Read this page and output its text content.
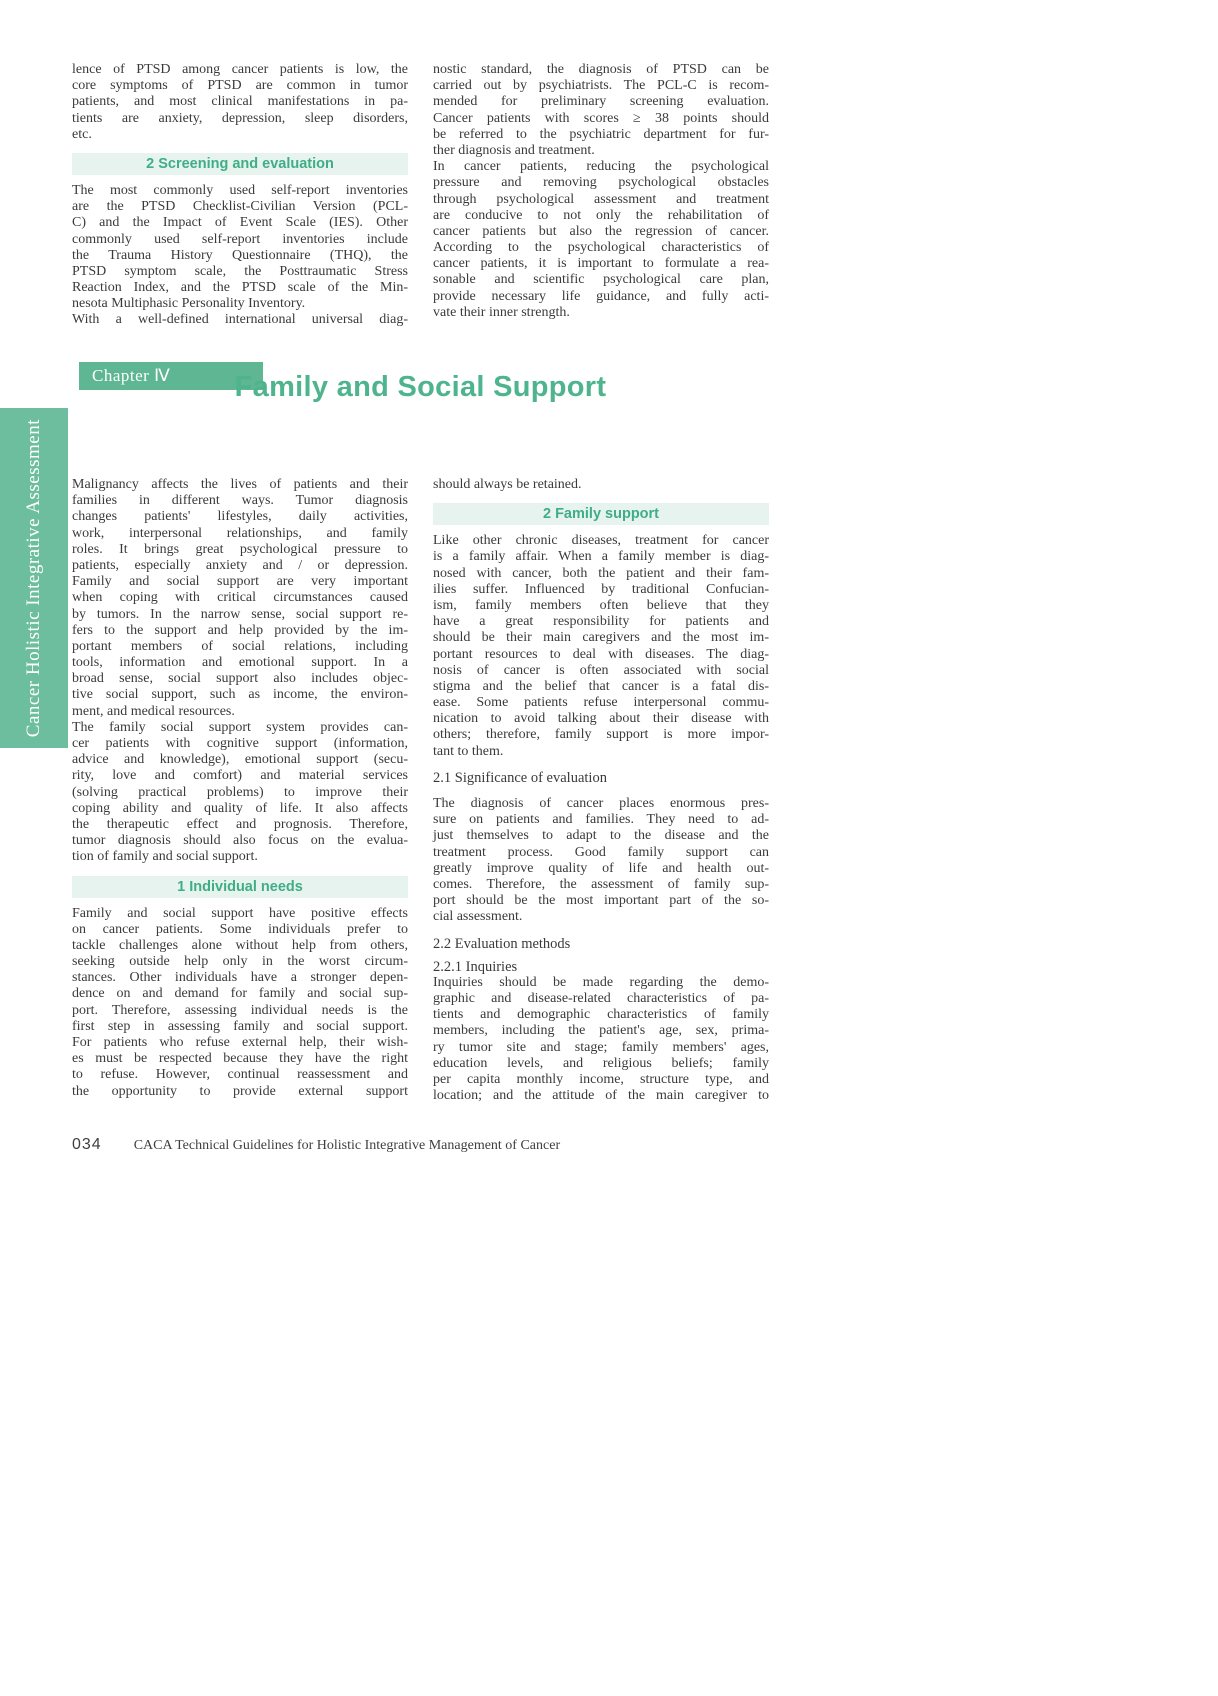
lence of PTSD among cancer patients is low, the
core symptoms of PTSD are common in tumor
patients, and most clinical manifestations in pa-
tients are anxiety, depression, sleep disorders,
etc.
2 Screening and evaluation
The most commonly used self-report inventories
are the PTSD Checklist-Civilian Version (PCL-
C) and the Impact of Event Scale (IES). Other
commonly used self-report inventories include
the Trauma History Questionnaire (THQ), the
PTSD symptom scale, the Posttraumatic Stress
Reaction Index, and the PTSD scale of the Min-
nesota Multiphasic Personality Inventory.
With a well-defined international universal diag-
nostic standard, the diagnosis of PTSD can be
carried out by psychiatrists. The PCL-C is recom-
mended for preliminary screening evaluation.
Cancer patients with scores ≥ 38 points should
be referred to the psychiatric department for fur-
ther diagnosis and treatment.
In cancer patients, reducing the psychological
pressure and removing psychological obstacles
through psychological assessment and treatment
are conducive to not only the rehabilitation of
cancer patients but also the regression of cancer.
According to the psychological characteristics of
cancer patients, it is important to formulate a rea-
sonable and scientific psychological care plan,
provide necessary life guidance, and fully acti-
vate their inner strength.
Chapter Ⅳ	Family and Social Support
Cancer Holistic Integrative Assessment Malignancy affects the lives of patients and their
families in different ways. Tumor diagnosis
changes patients' lifestyles, daily activities,
work, interpersonal relationships, and family
roles. It brings great psychological pressure to
patients, especially anxiety and / or depression.
Family and social support are very important
when coping with critical circumstances caused
by tumors. In the narrow sense, social support re-
fers to the support and help provided by the im-
portant members of social relations, including
tools, information and emotional support. In a
broad sense, social support also includes objec-
tive social support, such as income, the environ-
ment, and medical resources.
The family social support system provides can-
cer patients with cognitive support (information,
advice and knowledge), emotional support (secu-
rity, love and comfort) and material services
(solving practical problems) to improve their
coping ability and quality of life. It also affects
the therapeutic effect and prognosis. Therefore,
tumor diagnosis should also focus on the evalua-
tion of family and social support.
1 Individual needs
Family and social support have positive effects
on cancer patients. Some individuals prefer to
tackle challenges alone without help from others,
seeking outside help only in the worst circum-
stances. Other individuals have a stronger depen-
dence on and demand for family and social sup-
port. Therefore, assessing individual needs is the
first step in assessing family and social support.
For patients who refuse external help, their wish-
es must be respected because they have the right
to refuse. However, continual reassessment and
the opportunity to provide external support
should always be retained.
2 Family support
Like other chronic diseases, treatment for cancer
is a family affair. When a family member is diag-
nosed with cancer, both the patient and their fam-
ilies suffer. Influenced by traditional Confucian-
ism, family members often believe that they
have a great responsibility for patients and
should be their main caregivers and the most im-
portant resources to deal with diseases. The diag-
nosis of cancer is often associated with social
stigma and the belief that cancer is a fatal dis-
ease. Some patients refuse interpersonal commu-
nication to avoid talking about their disease with
others; therefore, family support is more impor-
tant to them.
2.1 Significance of evaluation
The diagnosis of cancer places enormous pres-
sure on patients and families. They need to ad-
just themselves to adapt to the disease and the
treatment process. Good family support can
greatly improve quality of life and health out-
comes. Therefore, the assessment of family sup-
port should be the most important part of the so-
cial assessment.
2.2 Evaluation methods
2.2.1 Inquiries
Inquiries should be made regarding the demo-
graphic and disease-related characteristics of pa-
tients and demographic characteristics of family
members, including the patient's age, sex, prima-
ry tumor site and stage; family members' ages,
education levels, and religious beliefs; family
per capita monthly income, structure type, and
location; and the attitude of the main caregiver to
034 CACA Technical Guidelines for Holistic Integrative Management of Cancer
